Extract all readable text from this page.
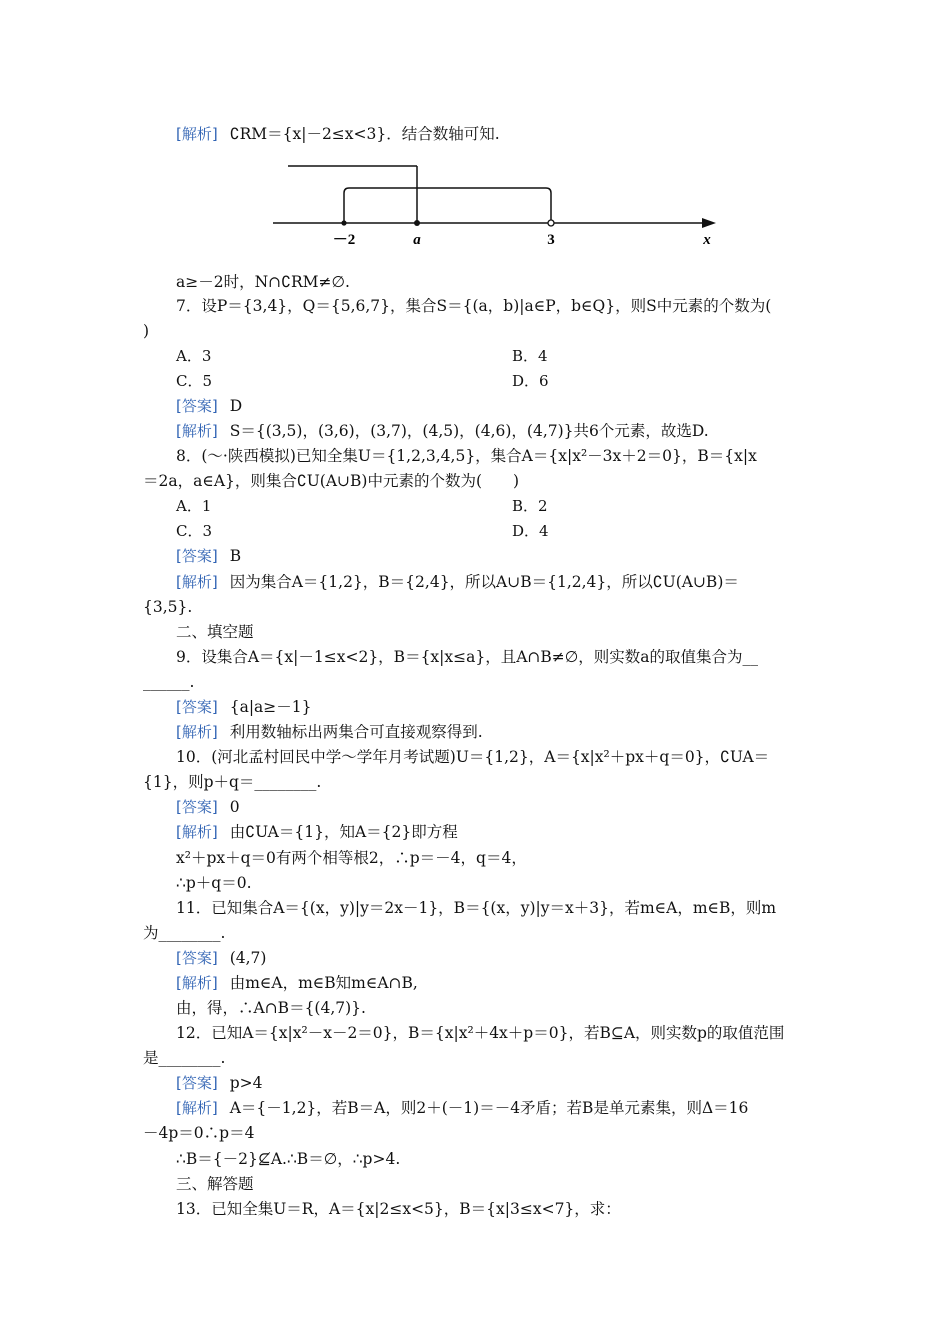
[解析] ∁RM＝{x|－2≤x<3}．结合数轴可知.
－2	a	3	x
a≥－2时，N∩∁RM≠∅.
7．设P＝{3,4}，Q＝{5,6,7}，集合S＝{(a，b)|a∈P，b∈Q}，则S中元素的个数为(
)
A．3	B．4
C．5	D．6
[答案] D
[解析] S＝{(3,5)，(3,6)，(3,7)，(4,5)，(4,6)，(4,7)}共6个元素，故选D.
8．(～·陕西模拟)已知全集U＝{1,2,3,4,5}，集合A＝{x|x²－3x＋2＝0}，B＝{x|x
＝2a，a∈A}，则集合∁U(A∪B)中元素的个数为(　　)
A．1	B．2
C．3	D．4
[答案] B
[解析] 因为集合A＝{1,2}，B＝{2,4}，所以A∪B＝{1,2,4}，所以∁U(A∪B)＝
{3,5}.
二、填空题
9．设集合A＝{x|－1≤x<2}，B＝{x|x≤a}，且A∩B≠∅，则实数a的取值集合为__
______.
[答案] {a|a≥－1}
[解析] 利用数轴标出两集合可直接观察得到.
10．(河北孟村回民中学～学年月考试题)U＝{1,2}，A＝{x|x²＋px＋q＝0}，∁UA＝
{1}，则p＋q＝________.
[答案] 0
[解析] 由∁UA＝{1}，知A＝{2}即方程
x²＋px＋q＝0有两个相等根2，∴p＝－4，q＝4，
∴p＋q＝0.
11．已知集合A＝{(x，y)|y＝2x－1}，B＝{(x，y)|y＝x＋3}，若m∈A，m∈B，则m
为________.
[答案] (4,7)
[解析] 由m∈A，m∈B知m∈A∩B,
由，得，∴A∩B＝{(4,7)}.
12．已知A＝{x|x²－x－2＝0}，B＝{x|x²＋4x＋p＝0}，若B⊆A，则实数p的取值范围
是________.
[答案] p>4
[解析] A＝{－1,2}，若B＝A，则2＋(－1)＝－4矛盾；若B是单元素集，则Δ＝16
－4p＝0∴p＝4
∴B＝{－2}⊈A.∴B＝∅，∴p>4.
三、解答题
13．已知全集U＝R，A＝{x|2≤x<5}，B＝{x|3≤x<7}，求：
